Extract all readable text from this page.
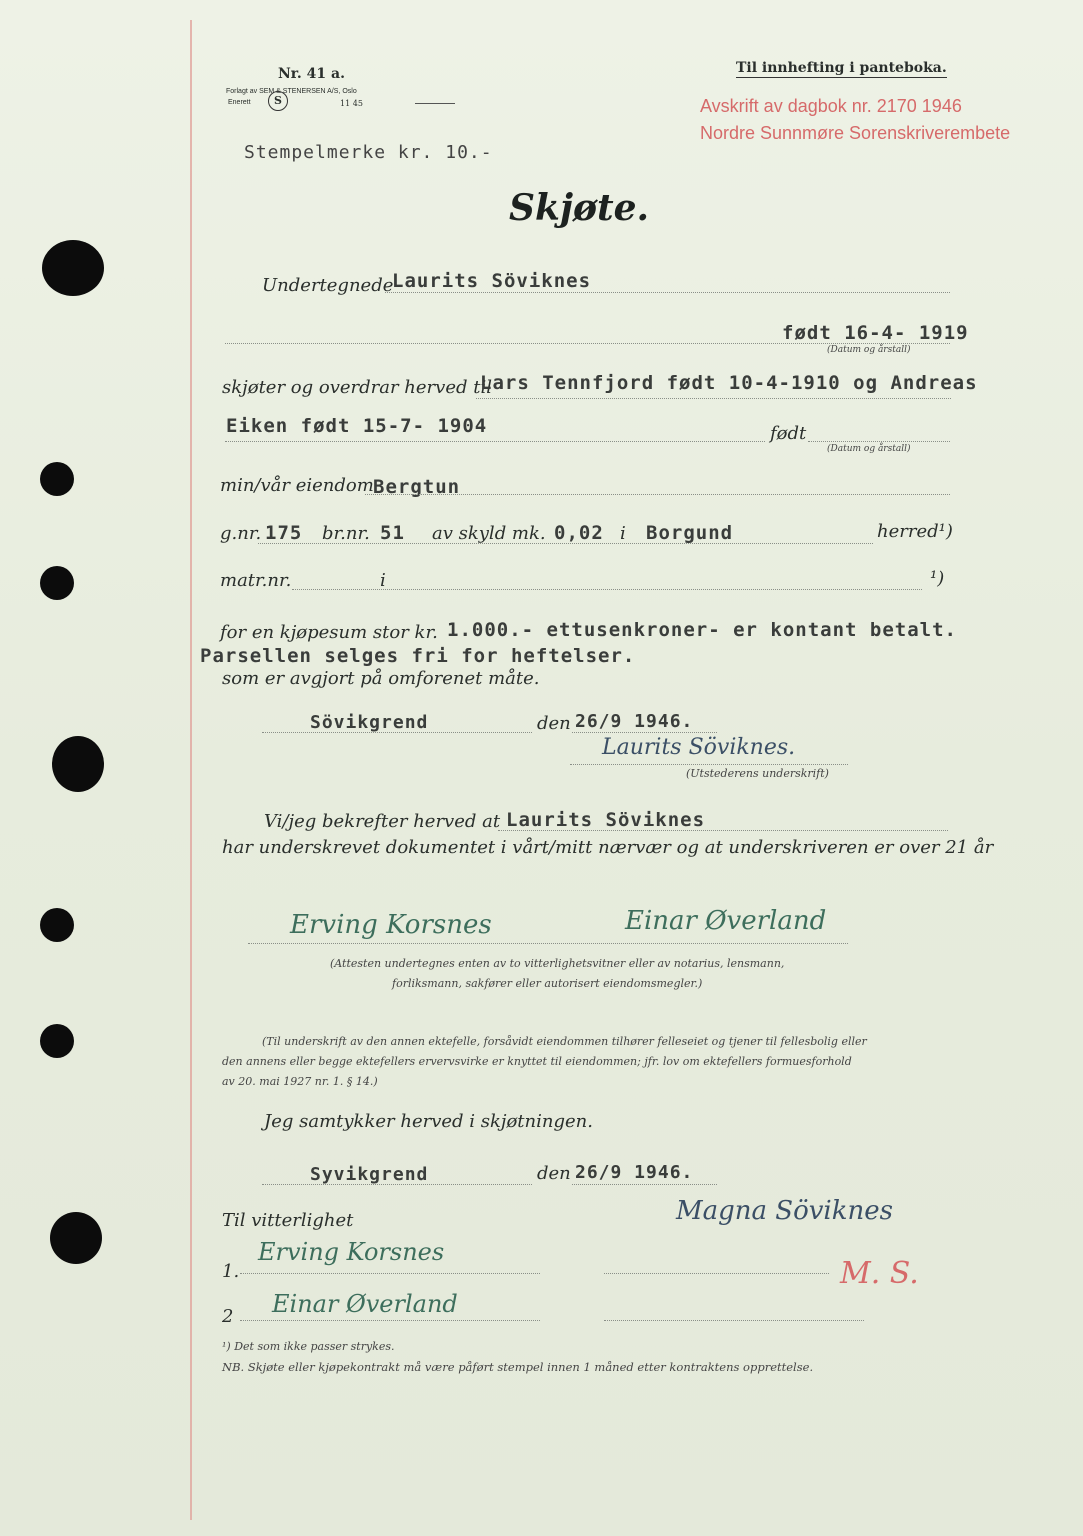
Nr. 41 a.
Forlagt av SEM & STENERSEN A/S, Oslo
Enerett	S	11 45
Til innhefting i panteboka.
Avskrift av dagbok nr. 2170 1946
Nordre Sunnmøre Sorenskriverembete
Stempelmerke kr. 10.-
Skjøte.
Undertegnede
Laurits Söviknes
født 16-4- 1919
(Datum og årstall)
skjøter og overdrar herved til
Lars Tennfjord født 10-4-1910 og Andreas
Eiken født 15-7- 1904	født
(Datum og årstall)
min/vår eiendom Bergtun
g.nr. 175 br.nr. 51 av skyld mk. 0,02 i Borgund	herred¹)
matr.nr.	i	¹)
for en kjøpesum stor kr. 1.000.- ettusenkroner- er kontant betalt.
Parsellen selges fri for heftelser.
som er avgjort på omforenet måte.
Sövikgrend	den 26/9 1946.
Laurits Söviknes.
(Utstederens underskrift)
Vi/jeg bekrefter herved at Laurits Söviknes
har underskrevet dokumentet i vårt/mitt nærvær og at underskriveren er over 21 år
Erving Korsnes	Einar Øverland
(Attesten undertegnes enten av to vitterlighetsvitner eller av notarius, lensmann,
forliksmann, sakfører eller autorisert eiendomsmegler.)
(Til underskrift av den annen ektefelle, forsåvidt eiendommen tilhører felleseiet og tjener til fellesbolig eller
den annens eller begge ektefellers ervervsvirke er knyttet til eiendommen; jfr. lov om ektefellers formuesforhold
av 20. mai 1927 nr. 1. § 14.)
Jeg samtykker herved i skjøtningen.
Syvikgrend	den 26/9 1946.
Magna Söviknes
Til vitterlighet
1.
Erving Korsnes
M. S.
2 Einar Øverland
¹) Det som ikke passer strykes.
NB. Skjøte eller kjøpekontrakt må være påført stempel innen 1 måned etter kontraktens opprettelse.
